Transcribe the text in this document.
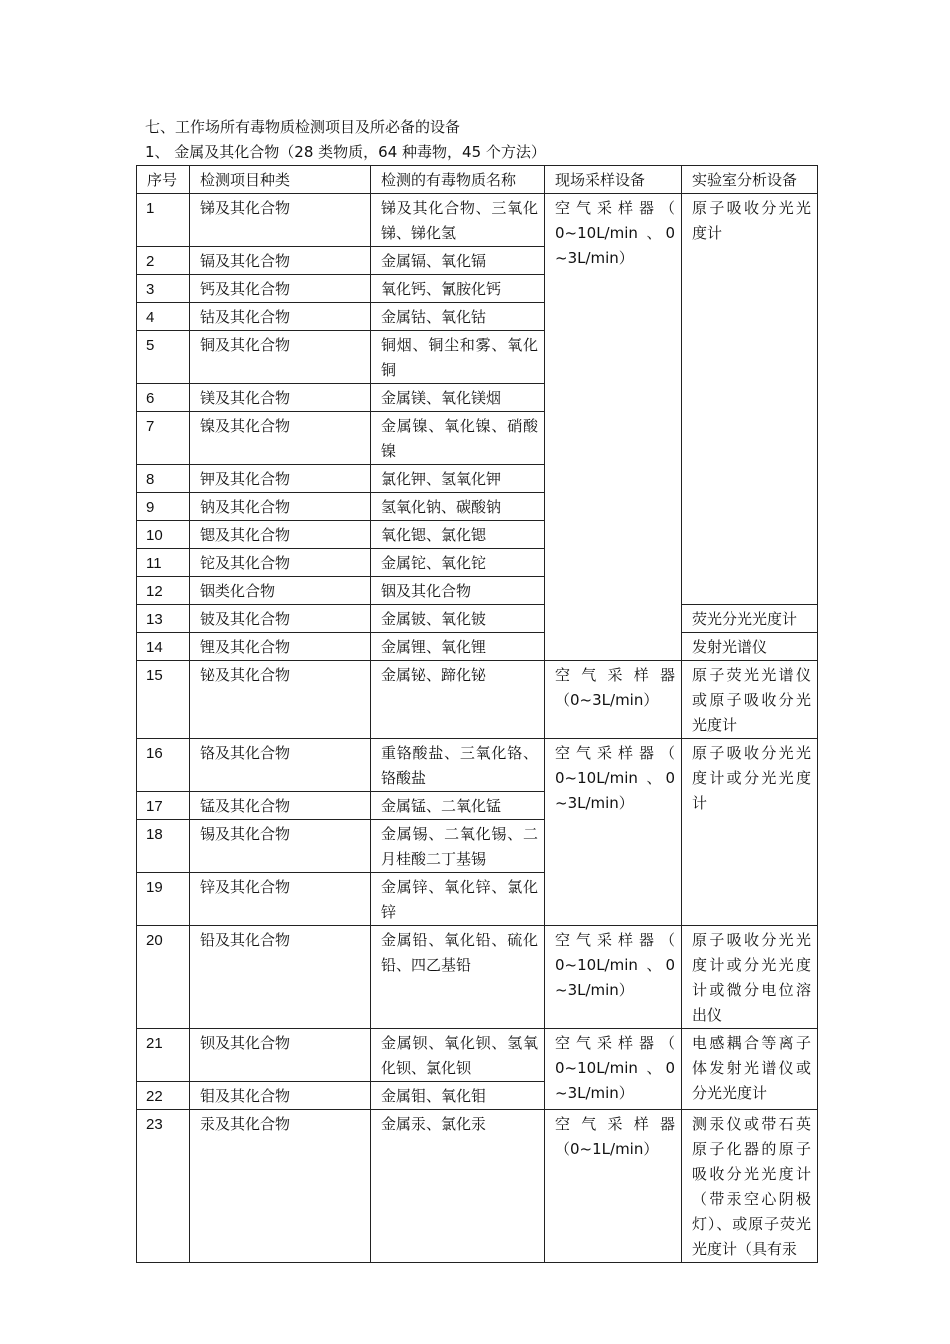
七、工作场所有毒物质检测项目及所必备的设备
1、 金属及其化合物（28 类物质，64 种毒物，45 个方法）
序号	检测项目种类	检测的有毒物质名称	现场采样设备	实验室分析设备
1	锑及其化合物	锑及其化合物、三氧化锑、锑化氢	空 气 采 样 器 （ 0~10L/min 、0~3L/min）	原子吸收分光光度计
2	镉及其化合物	金属镉、氧化镉		
3	钙及其化合物	氧化钙、氰胺化钙		
4	钴及其化合物	金属钴、氧化钴		
5	铜及其化合物	铜烟、铜尘和雾、氧化铜		
6	镁及其化合物	金属镁、氧化镁烟		
7	镍及其化合物	金属镍、氧化镍、硝酸镍		
8	钾及其化合物	氯化钾、氢氧化钾		
9	钠及其化合物	氢氧化钠、碳酸钠		
10	锶及其化合物	氧化锶、氯化锶		
11	铊及其化合物	金属铊、氧化铊		
12	铟类化合物	铟及其化合物		
13	铍及其化合物	金属铍、氧化铍		荧光分光光度计
14	锂及其化合物	金属锂、氧化锂		发射光谱仪
15	铋及其化合物	金属铋、蹄化铋	空 气 采 样 器 （0~3L/min）	原子荧光光谱仪或原子吸收分光光度计
16	铬及其化合物	重铬酸盐、三氧化铬、铬酸盐	空 气 采 样 器 （ 0~10L/min 、0~3L/min）	原子吸收分光光度计或分光光度计
17	锰及其化合物	金属锰、二氧化锰		
18	锡及其化合物	金属锡、二氧化锡、二月桂酸二丁基锡		
19	锌及其化合物	金属锌、氧化锌、氯化锌		
20	铅及其化合物	金属铅、氧化铅、硫化铅、四乙基铅	空 气 采 样 器 （ 0~10L/min 、0~3L/min）	原子吸收分光光度计或分光光度计或微分电位溶出仪
21	钡及其化合物	金属钡、氧化钡、氢氧化钡、氯化钡	空 气 采 样 器 （ 0~10L/min 、0~3L/min）	电感耦合等离子体发射光谱仪或分光光度计
22	钼及其化合物	金属钼、氧化钼		
23	汞及其化合物	金属汞、氯化汞	空 气 采 样 器 （0~1L/min）	测汞仪或带石英原子化器的原子吸收分光光度计（带汞空心阴极灯）、或原子荧光光度计（具有汞
